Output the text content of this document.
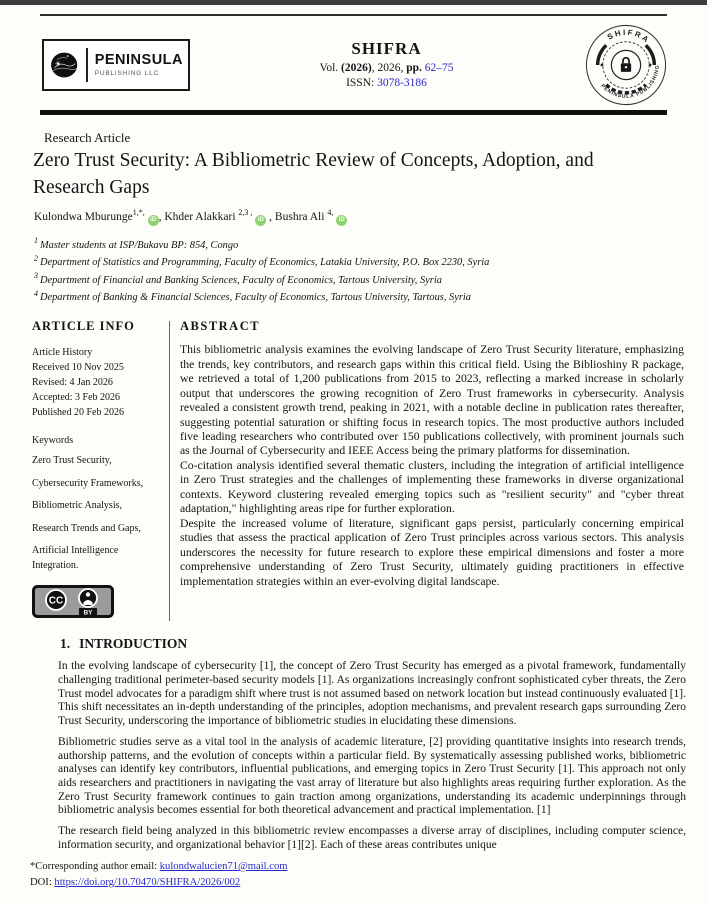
PENINSULA
PUBLISHING LLC
SHIFRA
Vol. (2026), 2026, pp. 62–75
ISSN: 3078-3186
SHIFRA
PENINSULA PUBLISHING
Research Article
Zero Trust Security: A Bibliometric Review of Concepts, Adoption, and Research Gaps
Kulondwa Mburunge$^{1,*,}$ iD , Khder Alakkari $^{2,3 ,}$ iD , Bushra Ali $^{4,}$ iD
$^1$ Master students at ISP/Bukavu BP: 854, Congo
$^2$ Department of Statistics and Programming, Faculty of Economics, Latakia University, P.O. Box 2230, Syria
$^3$ Department of Financial and Banking Sciences, Faculty of Economics, Tartous University, Syria
$^4$ Department of Banking & Financial Sciences, Faculty of Economics, Tartous University, Tartous, Syria
ARTICLE INFO
Article History
Received 10 Nov 2025
Revised: 4 Jan 2026
Accepted: 3 Feb 2026
Published 20 Feb 2026
Keywords
Zero Trust Security,
Cybersecurity Frameworks,
Bibliometric Analysis,
Research Trends and Gaps,
Artificial Intelligence Integration.
CC
BY
ABSTRACT
This bibliometric analysis examines the evolving landscape of Zero Trust Security literature, emphasizing the trends, key contributors, and research gaps within this critical field. Using the Biblioshiny R package, we retrieved a total of 1,200 publications from 2015 to 2023, reflecting a marked increase in scholarly output that underscores the growing recognition of Zero Trust frameworks in cybersecurity. Analysis revealed a consistent growth trend, peaking in 2021, with a notable decline in publication rates thereafter, suggesting potential saturation or shifting focus in research topics. The most productive authors included five leading researchers who contributed over 150 publications collectively, with prominent journals such as the Journal of Cybersecurity and IEEE Access being the primary platforms for dissemination.
Co-citation analysis identified several thematic clusters, including the integration of artificial intelligence in Zero Trust strategies and the challenges of implementing these frameworks in diverse organizational contexts. Keyword clustering revealed emerging topics such as "resilient security" and "cyber threat adaptation," highlighting areas ripe for further exploration.
Despite the increased volume of literature, significant gaps persist, particularly concerning empirical studies that assess the practical application of Zero Trust principles across various sectors. This analysis underscores the necessity for future research to explore these empirical dimensions and foster a more comprehensive understanding of Zero Trust Security, ultimately guiding practitioners in effective implementation strategies within an ever-evolving digital landscape.
1. INTRODUCTION
In the evolving landscape of cybersecurity [1], the concept of Zero Trust Security has emerged as a pivotal framework, fundamentally challenging traditional perimeter-based security models [1]. As organizations increasingly confront sophisticated cyber threats, the Zero Trust model advocates for a paradigm shift where trust is not assumed based on network location but instead continuously evaluated [1]. This shift necessitates an in-depth understanding of the principles, adoption mechanisms, and prevalent research gaps surrounding Zero Trust Security, underscoring the importance of bibliometric studies in elucidating these dimensions.
Bibliometric studies serve as a vital tool in the analysis of academic literature, [2] providing quantitative insights into research trends, authorship patterns, and the evolution of concepts within a particular field. By systematically assessing published works, bibliometric analyses can identify key contributors, influential publications, and emerging topics in Zero Trust Security [1]. This approach not only aids researchers and practitioners in navigating the vast array of literature but also highlights areas requiring further exploration. As the Zero Trust Security framework continues to gain traction among organizations, understanding its academic underpinnings through bibliometric analysis becomes essential for both theoretical advancement and practical implementation. [1]
The research field being analyzed in this bibliometric review encompasses a diverse array of disciplines, including computer science, information security, and organizational behavior [1][2]. Each of these areas contributes unique
*Corresponding author email: kulondwalucien71@mail.com
DOI: https://doi.org/10.70470/SHIFRA/2026/002
